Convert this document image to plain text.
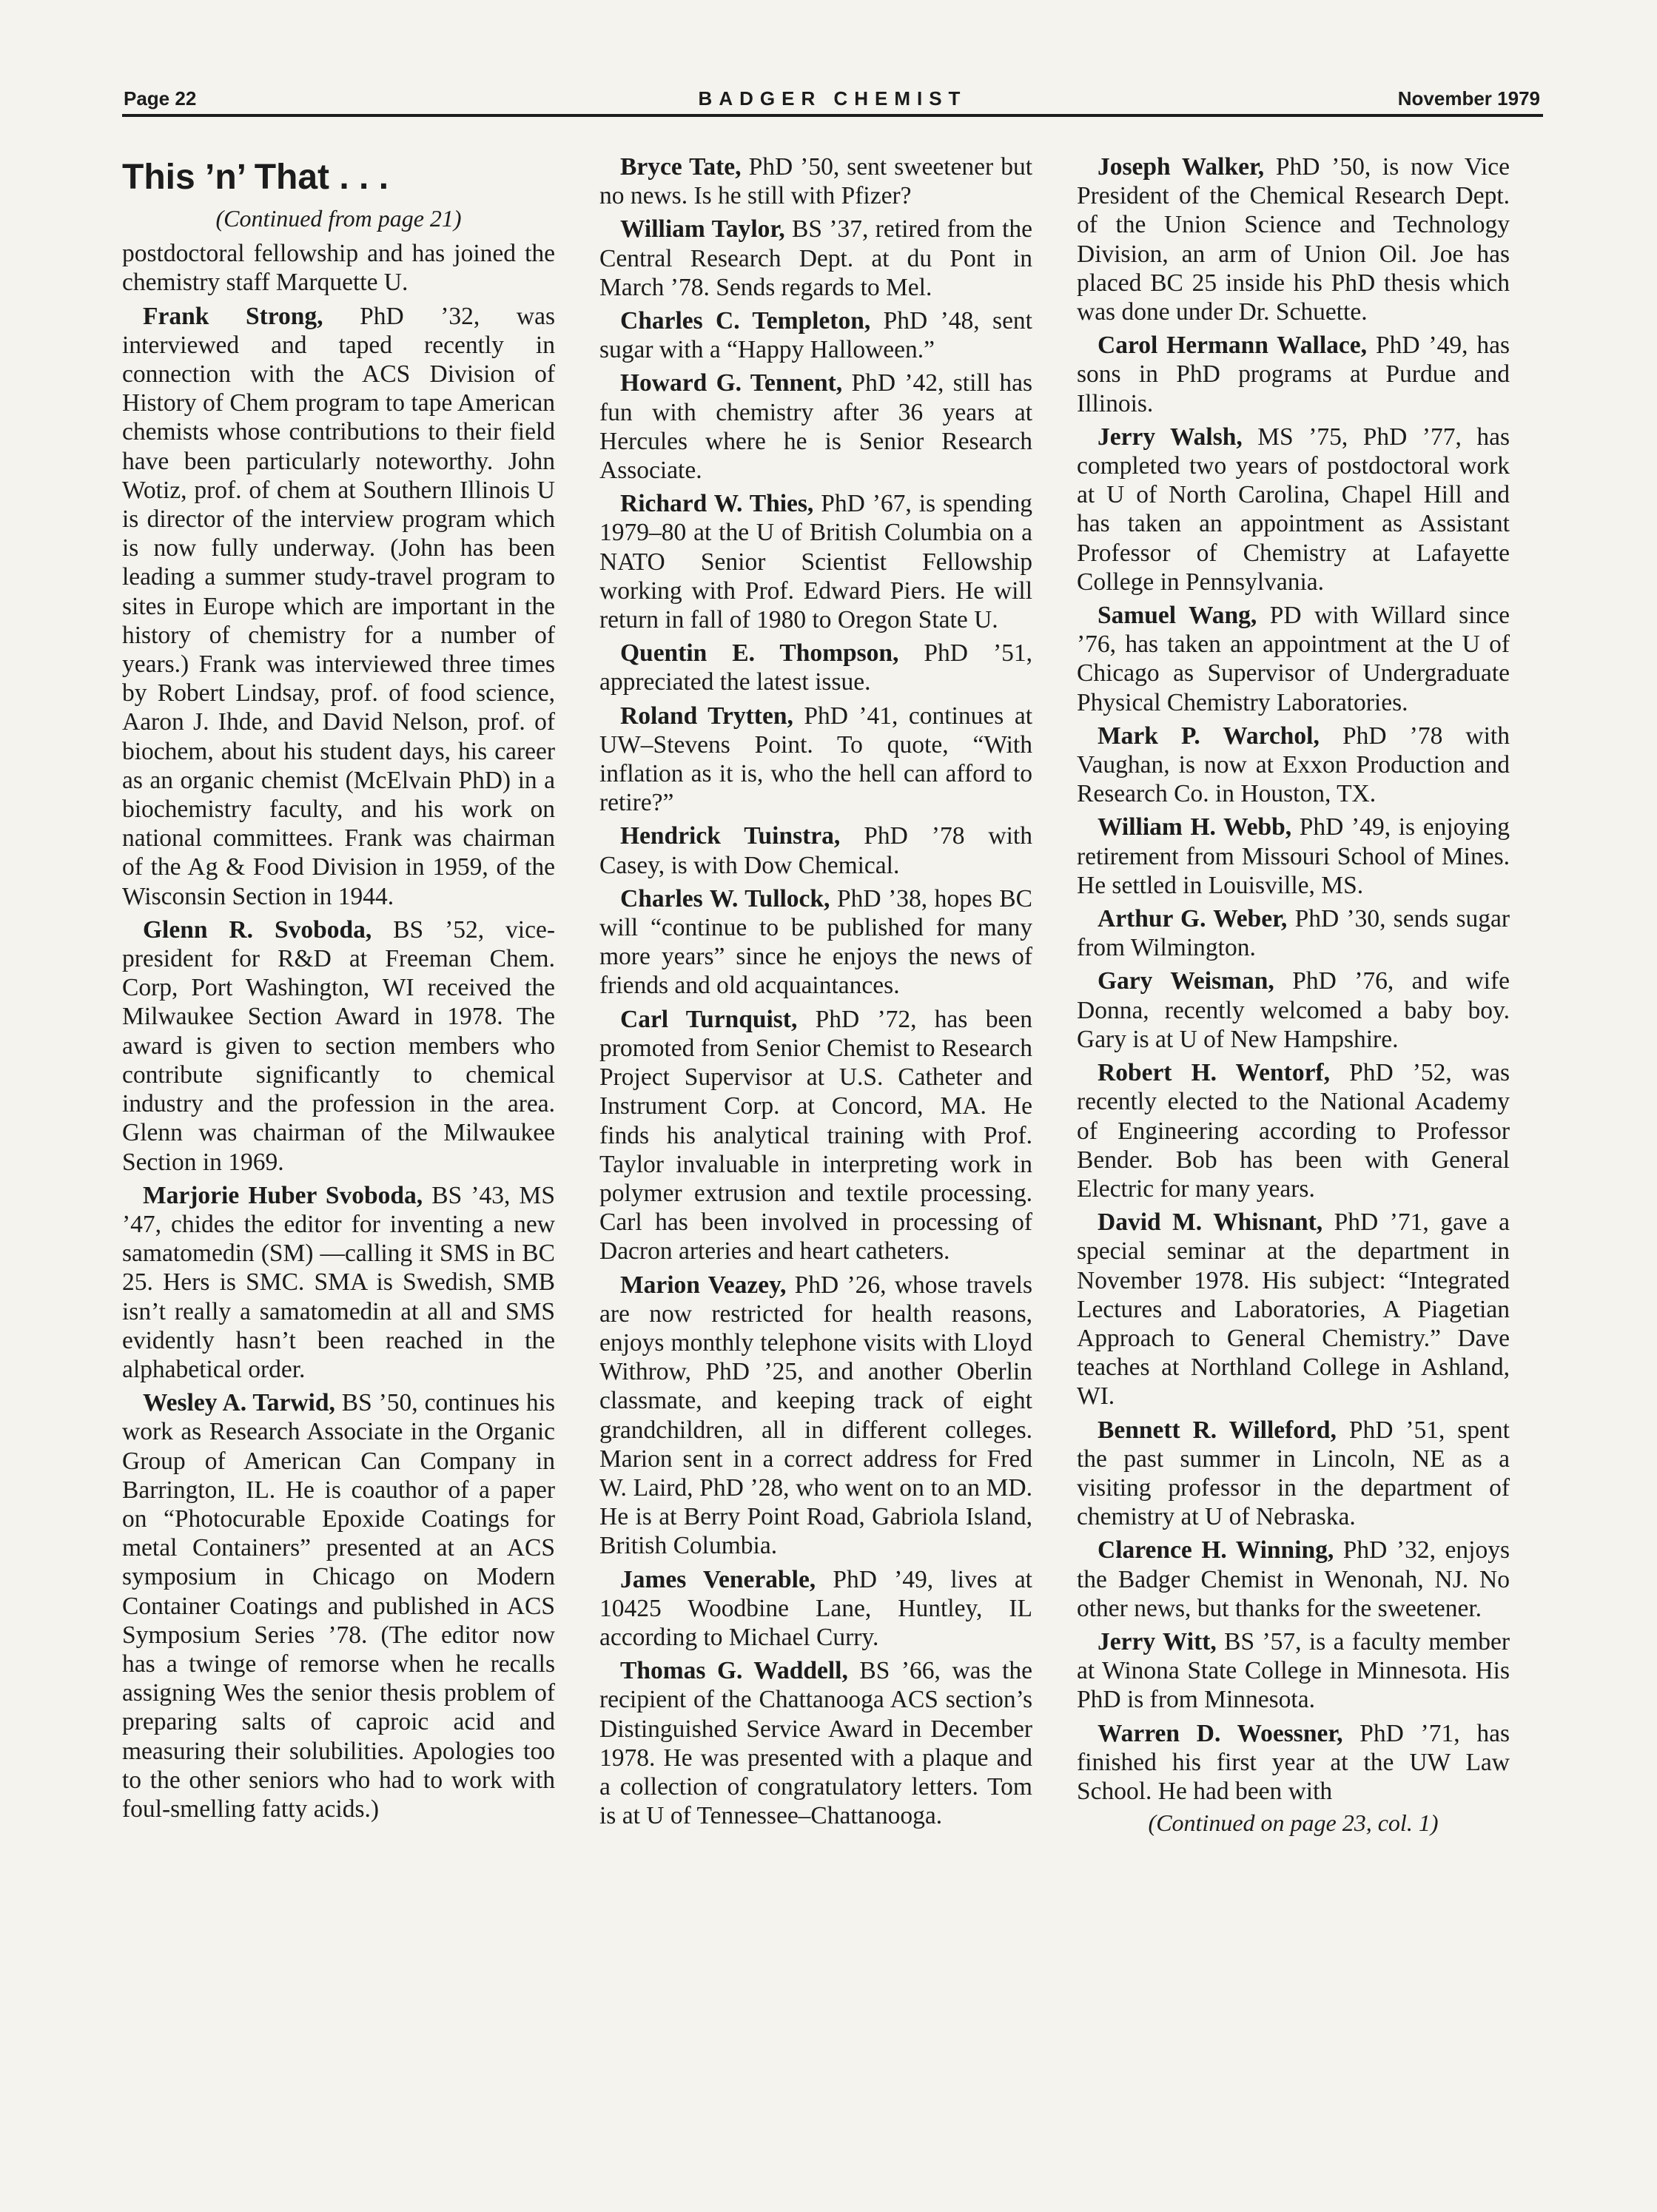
Page 22	BADGER CHEMIST	November 1979
This ’n’ That . . .
(Continued from page 21)

postdoctoral fellowship and has joined the chemistry staff Marquette U.

Frank Strong, PhD ’32, was interviewed and taped recently in connection with the ACS Division of History of Chem program to tape American chemists whose contributions to their field have been particularly noteworthy. John Wotiz, prof. of chem at Southern Illinois U is director of the interview program which is now fully underway. (John has been leading a summer study-travel program to sites in Europe which are important in the history of chemistry for a number of years.) Frank was interviewed three times by Robert Lindsay, prof. of food science, Aaron J. Ihde, and David Nelson, prof. of biochem, about his student days, his career as an organic chemist (McElvain PhD) in a biochemistry faculty, and his work on national committees. Frank was chairman of the Ag & Food Division in 1959, of the Wisconsin Section in 1944.

Glenn R. Svoboda, BS ’52, vice-president for R&D at Freeman Chem. Corp, Port Washington, WI received the Milwaukee Section Award in 1978. The award is given to section members who contribute significantly to chemical industry and the profession in the area. Glenn was chairman of the Milwaukee Section in 1969.

Marjorie Huber Svoboda, BS ’43, MS ’47, chides the editor for inventing a new samatomedin (SM) —calling it SMS in BC 25. Hers is SMC. SMA is Swedish, SMB isn’t really a samatomedin at all and SMS evidently hasn’t been reached in the alphabetical order.

Wesley A. Tarwid, BS ’50, continues his work as Research Associate in the Organic Group of American Can Company in Barrington, IL. He is coauthor of a paper on “Photocurable Epoxide Coatings for metal Containers” presented at an ACS symposium in Chicago on Modern Container Coatings and published in ACS Symposium Series ’78. (The editor now has a twinge of remorse when he recalls assigning Wes the senior thesis problem of preparing salts of caproic acid and measuring their solubilities. Apologies too to the other seniors who had to work with foul-smelling fatty acids.)

Bryce Tate, PhD ’50, sent sweetener but no news. Is he still with Pfizer?

William Taylor, BS ’37, retired from the Central Research Dept. at du Pont in March ’78. Sends regards to Mel.

Charles C. Templeton, PhD ’48, sent sugar with a “Happy Halloween.”

Howard G. Tennent, PhD ’42, still has fun with chemistry after 36 years at Hercules where he is Senior Research Associate.

Richard W. Thies, PhD ’67, is spending 1979–80 at the U of British Columbia on a NATO Senior Scientist Fellowship working with Prof. Edward Piers. He will return in fall of 1980 to Oregon State U.

Quentin E. Thompson, PhD ’51, appreciated the latest issue.

Roland Trytten, PhD ’41, continues at UW–Stevens Point. To quote, “With inflation as it is, who the hell can afford to retire?”

Hendrick Tuinstra, PhD ’78 with Casey, is with Dow Chemical.

Charles W. Tullock, PhD ’38, hopes BC will “continue to be published for many more years” since he enjoys the news of friends and old acquaintances.

Carl Turnquist, PhD ’72, has been promoted from Senior Chemist to Research Project Supervisor at U.S. Catheter and Instrument Corp. at Concord, MA. He finds his analytical training with Prof. Taylor invaluable in interpreting work in polymer extrusion and textile processing. Carl has been involved in processing of Dacron arteries and heart catheters.

Marion Veazey, PhD ’26, whose travels are now restricted for health reasons, enjoys monthly telephone visits with Lloyd Withrow, PhD ’25, and another Oberlin classmate, and keeping track of eight grandchildren, all in different colleges. Marion sent in a correct address for Fred W. Laird, PhD ’28, who went on to an MD. He is at Berry Point Road, Gabriola Island, British Columbia.

James Venerable, PhD ’49, lives at 10425 Woodbine Lane, Huntley, IL according to Michael Curry.

Thomas G. Waddell, BS ’66, was the recipient of the Chattanooga ACS section’s Distinguished Service Award in December 1978. He was presented with a plaque and a collection of congratulatory letters. Tom is at U of Tennessee–Chattanooga.

Joseph Walker, PhD ’50, is now Vice President of the Chemical Research Dept. of the Union Science and Technology Division, an arm of Union Oil. Joe has placed BC 25 inside his PhD thesis which was done under Dr. Schuette.

Carol Hermann Wallace, PhD ’49, has sons in PhD programs at Purdue and Illinois.

Jerry Walsh, MS ’75, PhD ’77, has completed two years of postdoctoral work at U of North Carolina, Chapel Hill and has taken an appointment as Assistant Professor of Chemistry at Lafayette College in Pennsylvania.

Samuel Wang, PD with Willard since ’76, has taken an appointment at the U of Chicago as Supervisor of Undergraduate Physical Chemistry Laboratories.

Mark P. Warchol, PhD ’78 with Vaughan, is now at Exxon Production and Research Co. in Houston, TX.

William H. Webb, PhD ’49, is enjoying retirement from Missouri School of Mines. He settled in Louisville, MS.

Arthur G. Weber, PhD ’30, sends sugar from Wilmington.

Gary Weisman, PhD ’76, and wife Donna, recently welcomed a baby boy. Gary is at U of New Hampshire.

Robert H. Wentorf, PhD ’52, was recently elected to the National Academy of Engineering according to Professor Bender. Bob has been with General Electric for many years.

David M. Whisnant, PhD ’71, gave a special seminar at the department in November 1978. His subject: “Integrated Lectures and Laboratories, A Piagetian Approach to General Chemistry.” Dave teaches at Northland College in Ashland, WI.

Bennett R. Willeford, PhD ’51, spent the past summer in Lincoln, NE as a visiting professor in the department of chemistry at U of Nebraska.

Clarence H. Winning, PhD ’32, enjoys the Badger Chemist in Wenonah, NJ. No other news, but thanks for the sweetener.

Jerry Witt, BS ’57, is a faculty member at Winona State College in Minnesota. His PhD is from Minnesota.

Warren D. Woessner, PhD ’71, has finished his first year at the UW Law School. He had been with

(Continued on page 23, col. 1)
